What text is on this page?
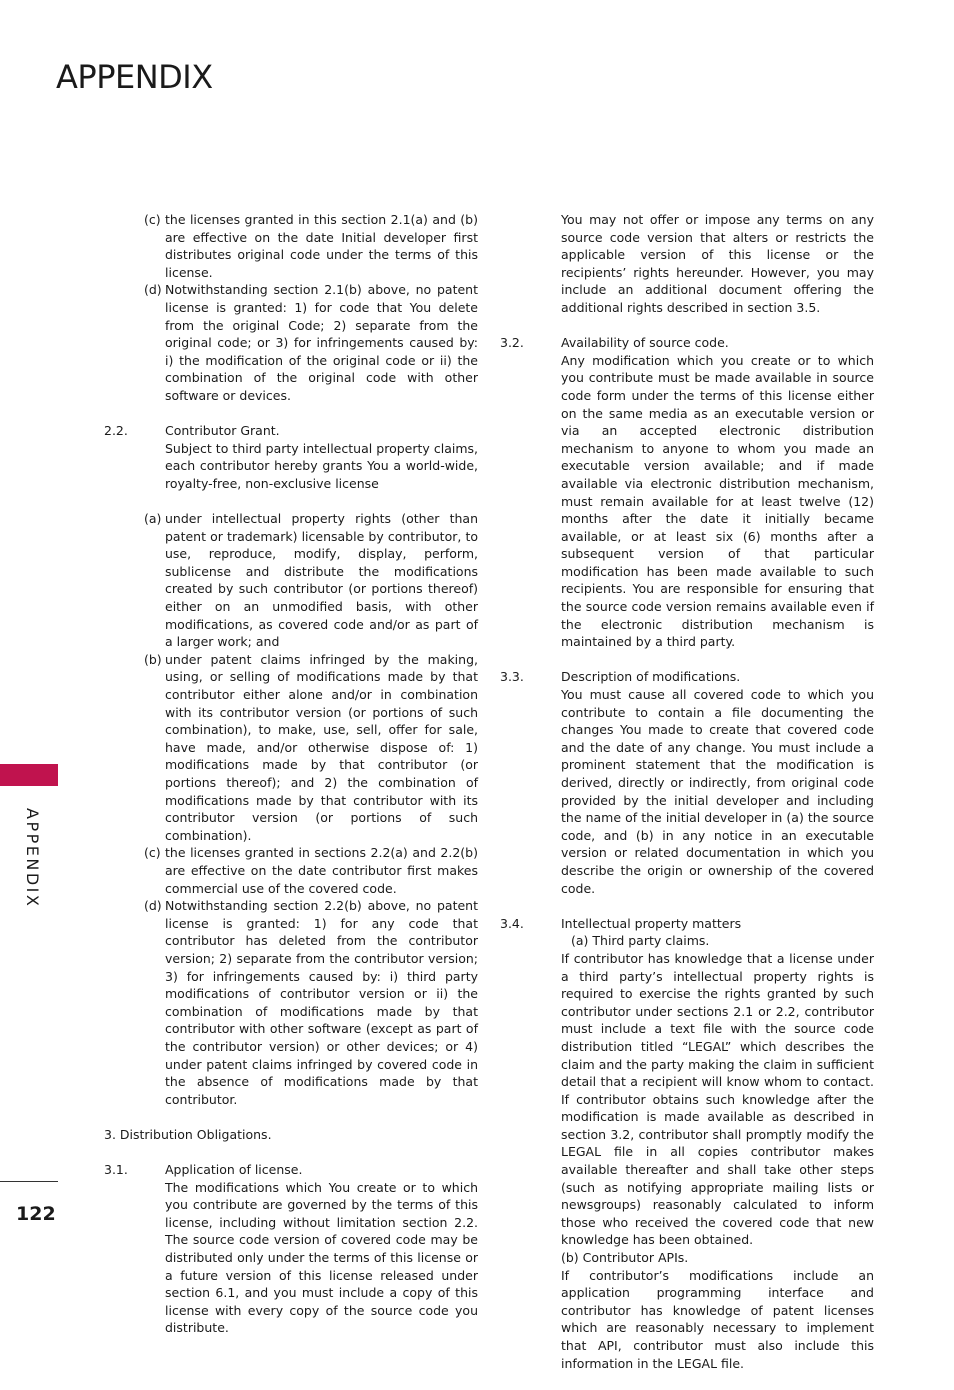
APPENDIX
APPENDIX
122
(c) the licenses granted in this section 2.1(a) and (b) are effective on the date Initial developer first distributes original code under the terms of this license.

(d) Notwithstanding section 2.1(b) above, no patent license is granted: 1) for code that You delete from the original Code; 2) separate from the original code; or 3) for infringements caused by: i) the modification of the original code or ii) the combination of the original code with other software or devices.

2.2.	Contributor Grant.

Subject to third party intellectual property claims, each contributor hereby grants You a world-wide, royalty-free, non-exclusive license

(a) under intellectual property rights (other than patent or trademark) licensable by contributor, to use, reproduce, modify, display, perform, sublicense and distribute the modifications created by such contributor (or portions thereof) either on an unmodified basis, with other modifications, as covered code and/or as part of a larger work; and

(b) under patent claims infringed by the making, using, or selling of modifications made by that contributor either alone and/or in combination with its contributor version (or portions of such combination), to make, use, sell, offer for sale, have made, and/or otherwise dispose of: 1) modifications made by that contributor (or portions thereof); and 2) the combination of modifications made by that contributor with its contributor version (or portions of such combination).

(c) the licenses granted in sections 2.2(a) and 2.2(b) are effective on the date contributor first makes commercial use of the covered code.

(d) Notwithstanding section 2.2(b) above, no patent license is granted: 1) for any code that contributor has deleted from the contributor version; 2) separate from the contributor version; 3) for infringements caused by: i) third party modifications of contributor version or ii) the combination of modifications made by that contributor with other software (except as part of the contributor version) or other devices; or 4) under patent claims infringed by covered code in the absence of modifications made by that contributor.

3. Distribution Obligations.

3.1.	Application of license.

The modifications which You create or to which you contribute are governed by the terms of this license, including without limitation section 2.2. The source code version of covered code may be distributed only under the terms of this license or a future version of this license released under section 6.1, and you must include a copy of this license with every copy of the source code you distribute.

You may not offer or impose any terms on any source code version that alters or restricts the applicable version of this license or the recipients’ rights hereunder. However, you may include an additional document offering the additional rights described in section 3.5.

3.2.	Availability of source code.

Any modification which you create or to which you contribute must be made available in source code form under the terms of this license either on the same media as an executable version or via an accepted electronic distribution mechanism to anyone to whom you made an executable version available; and if made available via electronic distribution mechanism, must remain available for at least twelve (12) months after the date it initially became available, or at least six (6) months after a subsequent version of that particular modification has been made available to such recipients. You are responsible for ensuring that the source code version remains available even if the electronic distribution mechanism is maintained by a third party.

3.3.	Description of modifications.

You must cause all covered code to which you contribute to contain a file documenting the changes You made to create that covered code and the date of any change. You must include a prominent statement that the modification is derived, directly or indirectly, from original code provided by the initial developer and including the name of the initial developer in (a) the source code, and (b) in any notice in an executable version or related documentation in which you describe the origin or ownership of the covered code.

3.4.	Intellectual property matters

(a) Third party claims.

If contributor has knowledge that a license under a third party’s intellectual property rights is required to exercise the rights granted by such contributor under sections 2.1 or 2.2, contributor must include a text file with the source code distribution titled “LEGAL” which describes the claim and the party making the claim in sufficient detail that a recipient will know whom to contact. If contributor obtains such knowledge after the modification is made available as described in section 3.2, contributor shall promptly modify the LEGAL file in all copies contributor makes available thereafter and shall take other steps (such as notifying appropriate mailing lists or newsgroups) reasonably calculated to inform those who received the covered code that new knowledge has been obtained.

(b) Contributor APIs.

If contributor’s modifications include an application programming interface and contributor has knowledge of patent licenses which are reasonably necessary to implement that API, contributor must also include this information in the LEGAL file.
